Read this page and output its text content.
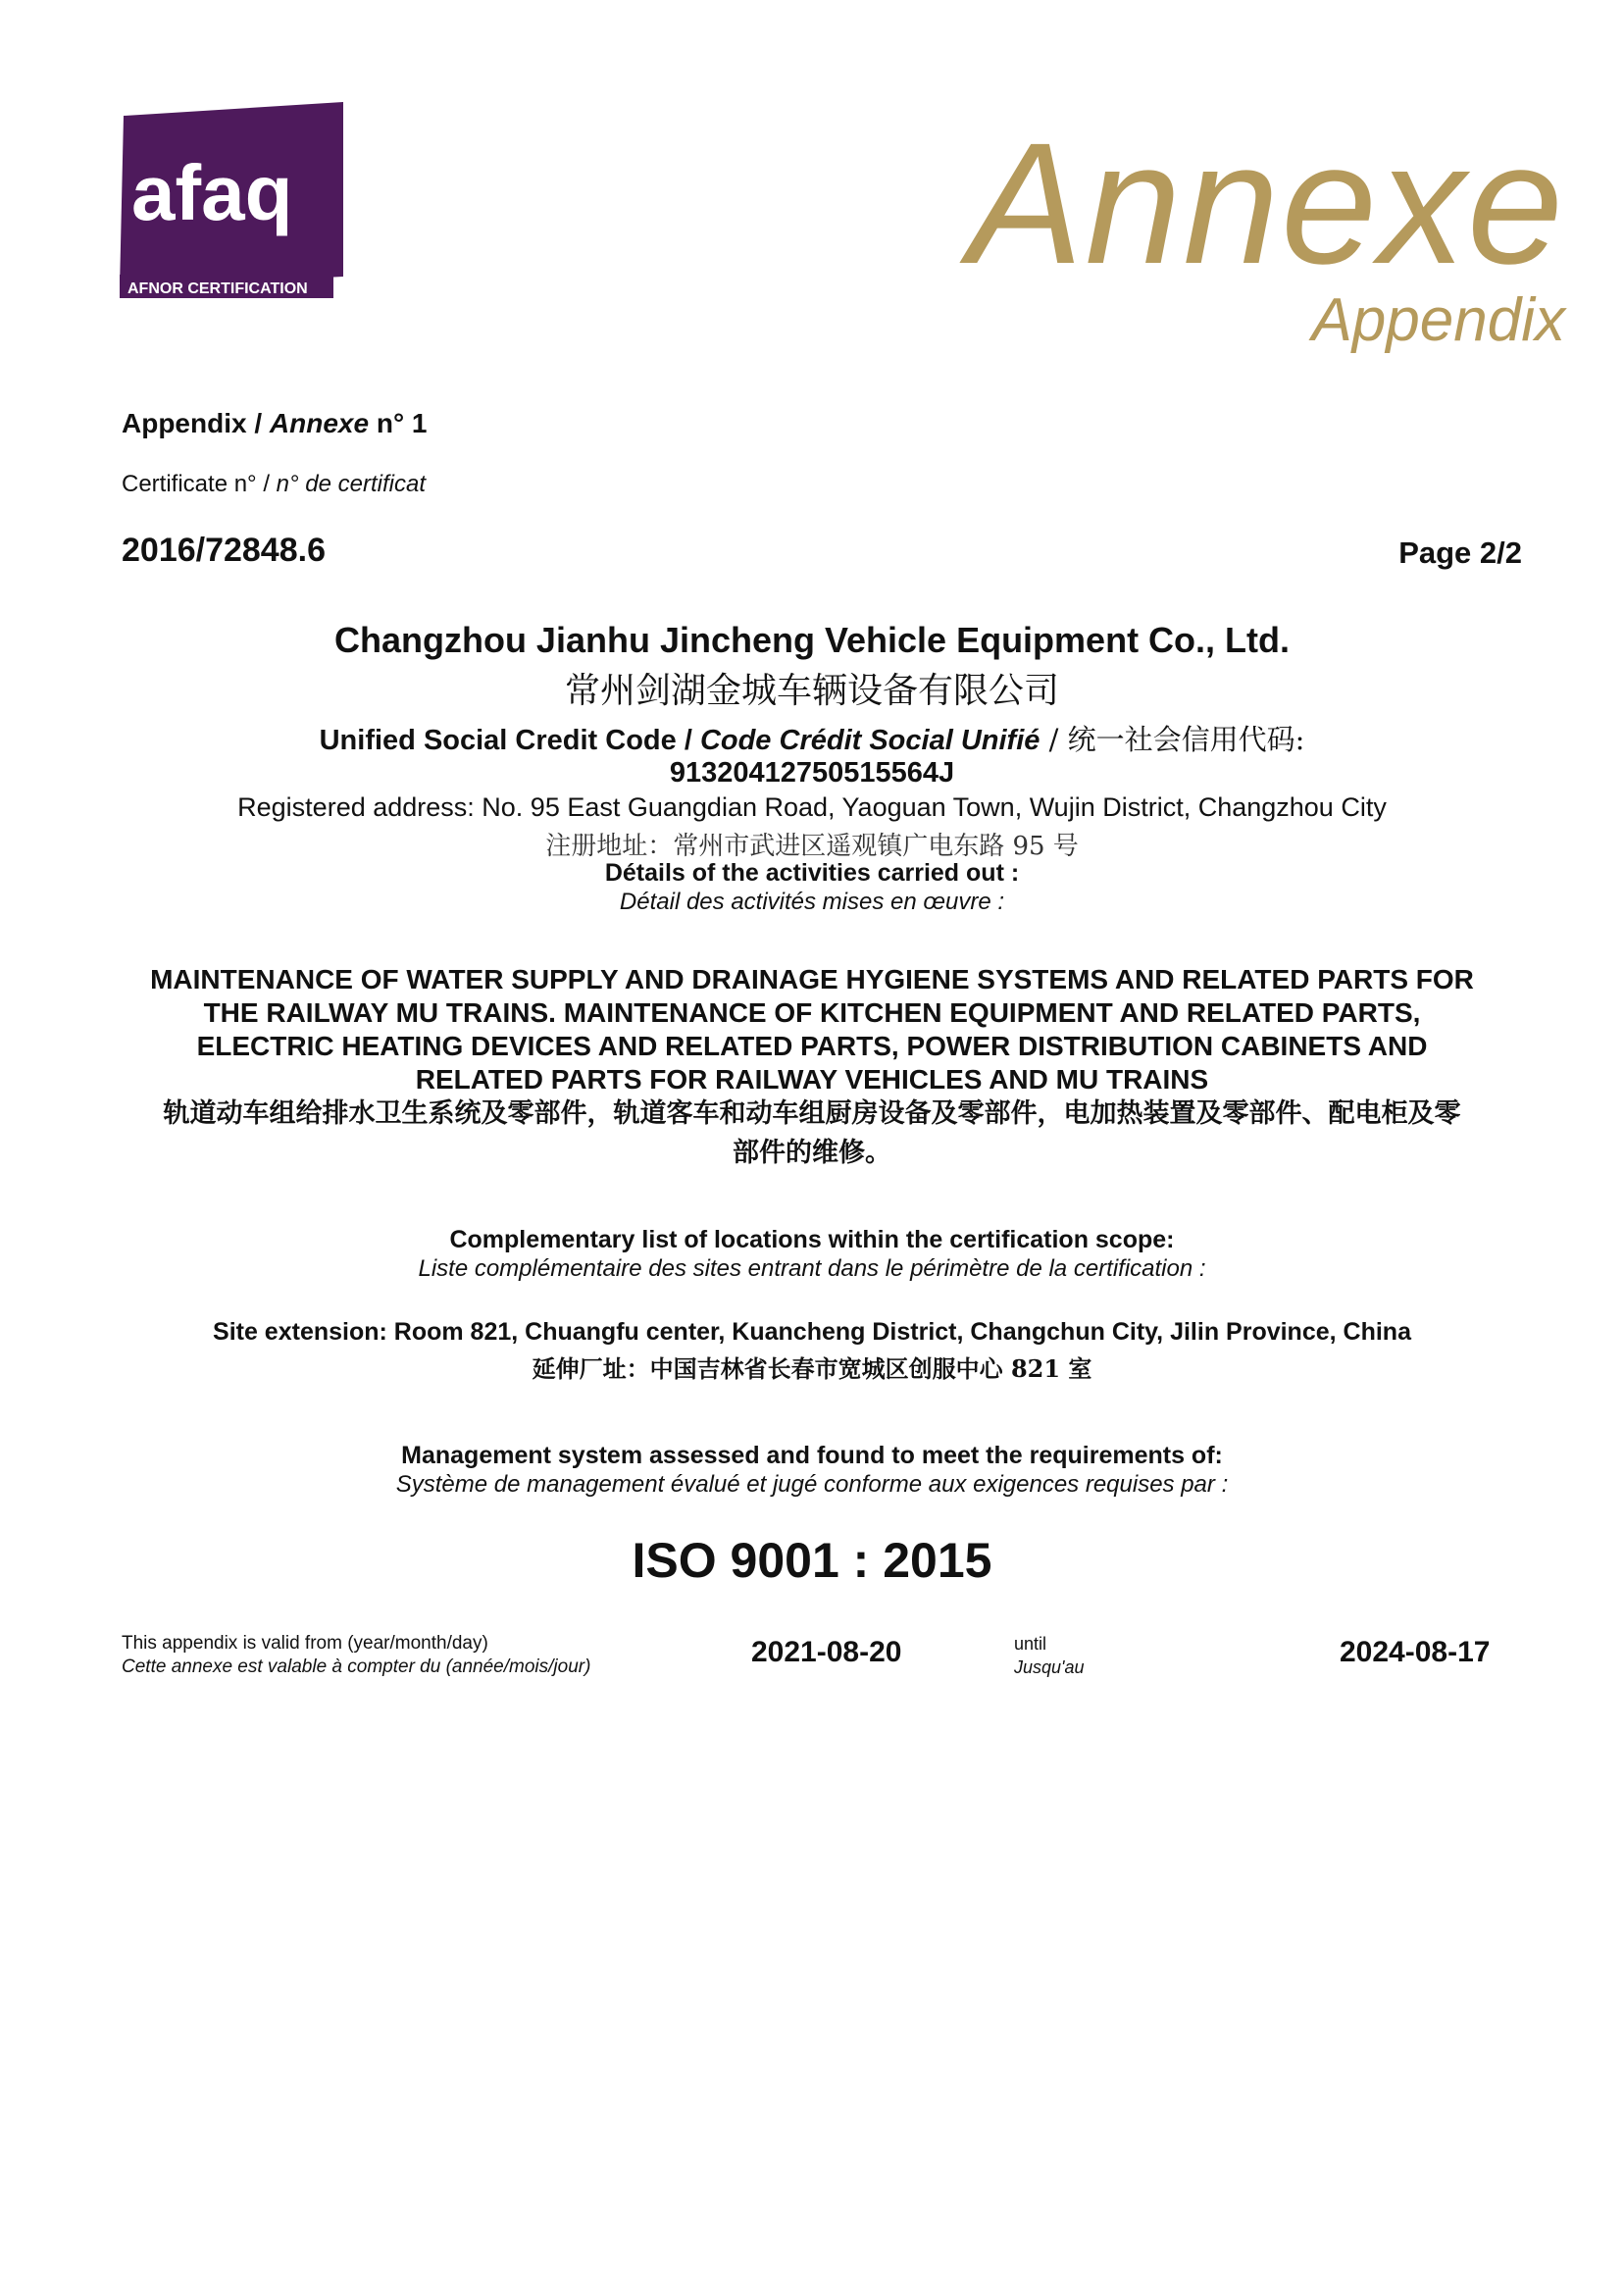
afaq
AFNOR CERTIFICATION	Annexe
Appendix
Appendix / Annexe n° 1
Certificate n° / n° de certificat
2016/72848.6	Page 2/2
Changzhou Jianhu Jincheng Vehicle Equipment Co., Ltd.
常州剑湖金城车辆设备有限公司
Unified Social Credit Code / Code Crédit Social Unifié / 统一社会信用代码:
91320412750515564J
Registered address: No. 95 East Guangdian Road, Yaoguan Town, Wujin District, Changzhou City
注册地址：常州市武进区遥观镇广电东路 95 号
Détails of the activities carried out :
Détail des activités mises en œuvre :
MAINTENANCE OF WATER SUPPLY AND DRAINAGE HYGIENE SYSTEMS AND RELATED PARTS FOR
THE RAILWAY MU TRAINS. MAINTENANCE OF KITCHEN EQUIPMENT AND RELATED PARTS,
ELECTRIC HEATING DEVICES AND RELATED PARTS, POWER DISTRIBUTION CABINETS AND
RELATED PARTS FOR RAILWAY VEHICLES AND MU TRAINS
轨道动车组给排水卫生系统及零部件，轨道客车和动车组厨房设备及零部件，电加热装置及零部件、配电柜及零
部件的维修。
Complementary list of locations within the certification scope:
Liste complémentaire des sites entrant dans le périmètre de la certification :
Site extension: Room 821, Chuangfu center, Kuancheng District, Changchun City, Jilin Province, China
延伸厂址：中国吉林省长春市宽城区创服中心 821 室
Management system assessed and found to meet the requirements of:
Système de management évalué et jugé conforme aux exigences requises par :
ISO 9001 : 2015
This appendix is valid from (year/month/day)
Cette annexe est valable à compter du (année/mois/jour)	2021-08-20	until
Jusqu'au	2024-08-17
